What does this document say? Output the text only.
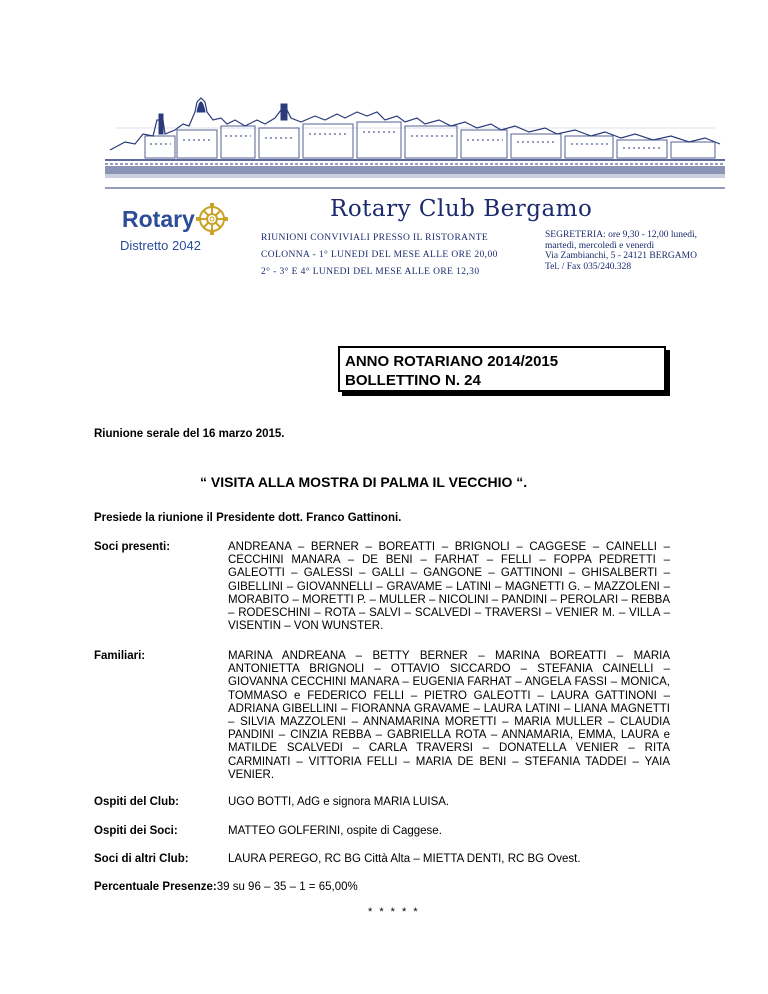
Rotary
Distretto 2042
Rotary Club Bergamo
RIUNIONI CONVIVIALI PRESSO IL RISTORANTE
COLONNA - 1° LUNEDI DEL MESE ALLE ORE 20,00
2° - 3° E 4° LUNEDI DEL MESE ALLE ORE 12,30
SEGRETERIA: ore 9,30 - 12,00 lunedì,
martedì, mercoledì e venerdì
Via Zambianchi, 5 - 24121 BERGAMO
Tel. / Fax 035/240.328
ANNO ROTARIANO 2014/2015
BOLLETTINO N. 24
Riunione serale del 16 marzo 2015.
“ VISITA ALLA MOSTRA DI PALMA IL VECCHIO “.
Presiede la riunione il Presidente dott. Franco Gattinoni.
Soci presenti:	ANDREANA – BERNER – BOREATTI – BRIGNOLI – CAGGESE – CAINELLI – CECCHINI MANARA – DE BENI – FARHAT – FELLI – FOPPA PEDRETTI – GALEOTTI – GALESSI – GALLI – GANGONE – GATTINONI – GHISALBERTI – GIBELLINI – GIOVANNELLI – GRAVAME – LATINI – MAGNETTI G. – MAZZOLENI – MORABITO – MORETTI P. – MULLER – NICOLINI – PANDINI – PEROLARI – REBBA – RODESCHINI – ROTA – SALVI – SCALVEDI – TRAVERSI – VENIER M. – VILLA – VISENTIN – VON WUNSTER.
Familiari:	MARINA ANDREANA – BETTY BERNER – MARINA BOREATTI – MARIA ANTONIETTA BRIGNOLI – OTTAVIO SICCARDO – STEFANIA CAINELLI – GIOVANNA CECCHINI MANARA – EUGENIA FARHAT – ANGELA FASSI – MONICA, TOMMASO e FEDERICO FELLI – PIETRO GALEOTTI – LAURA GATTINONI – ADRIANA GIBELLINI – FIORANNA GRAVAME – LAURA LATINI – LIANA MAGNETTI – SILVIA MAZZOLENI – ANNAMARINA MORETTI – MARIA MULLER – CLAUDIA PANDINI – CINZIA REBBA – GABRIELLA ROTA – ANNAMARIA, EMMA, LAURA e MATILDE SCALVEDI – CARLA TRAVERSI – DONATELLA VENIER – RITA CARMINATI – VITTORIA FELLI – MARIA DE BENI – STEFANIA TADDEI – YAIA VENIER.
Ospiti del Club:	UGO BOTTI, AdG e signora MARIA LUISA.
Ospiti dei Soci:	MATTEO GOLFERINI, ospite di Caggese.
Soci di altri Club:	LAURA PEREGO, RC BG Città Alta – MIETTA DENTI, RC BG Ovest.
Percentuale Presenze:39 su 96 – 35 – 1 = 65,00%
* * * * *
